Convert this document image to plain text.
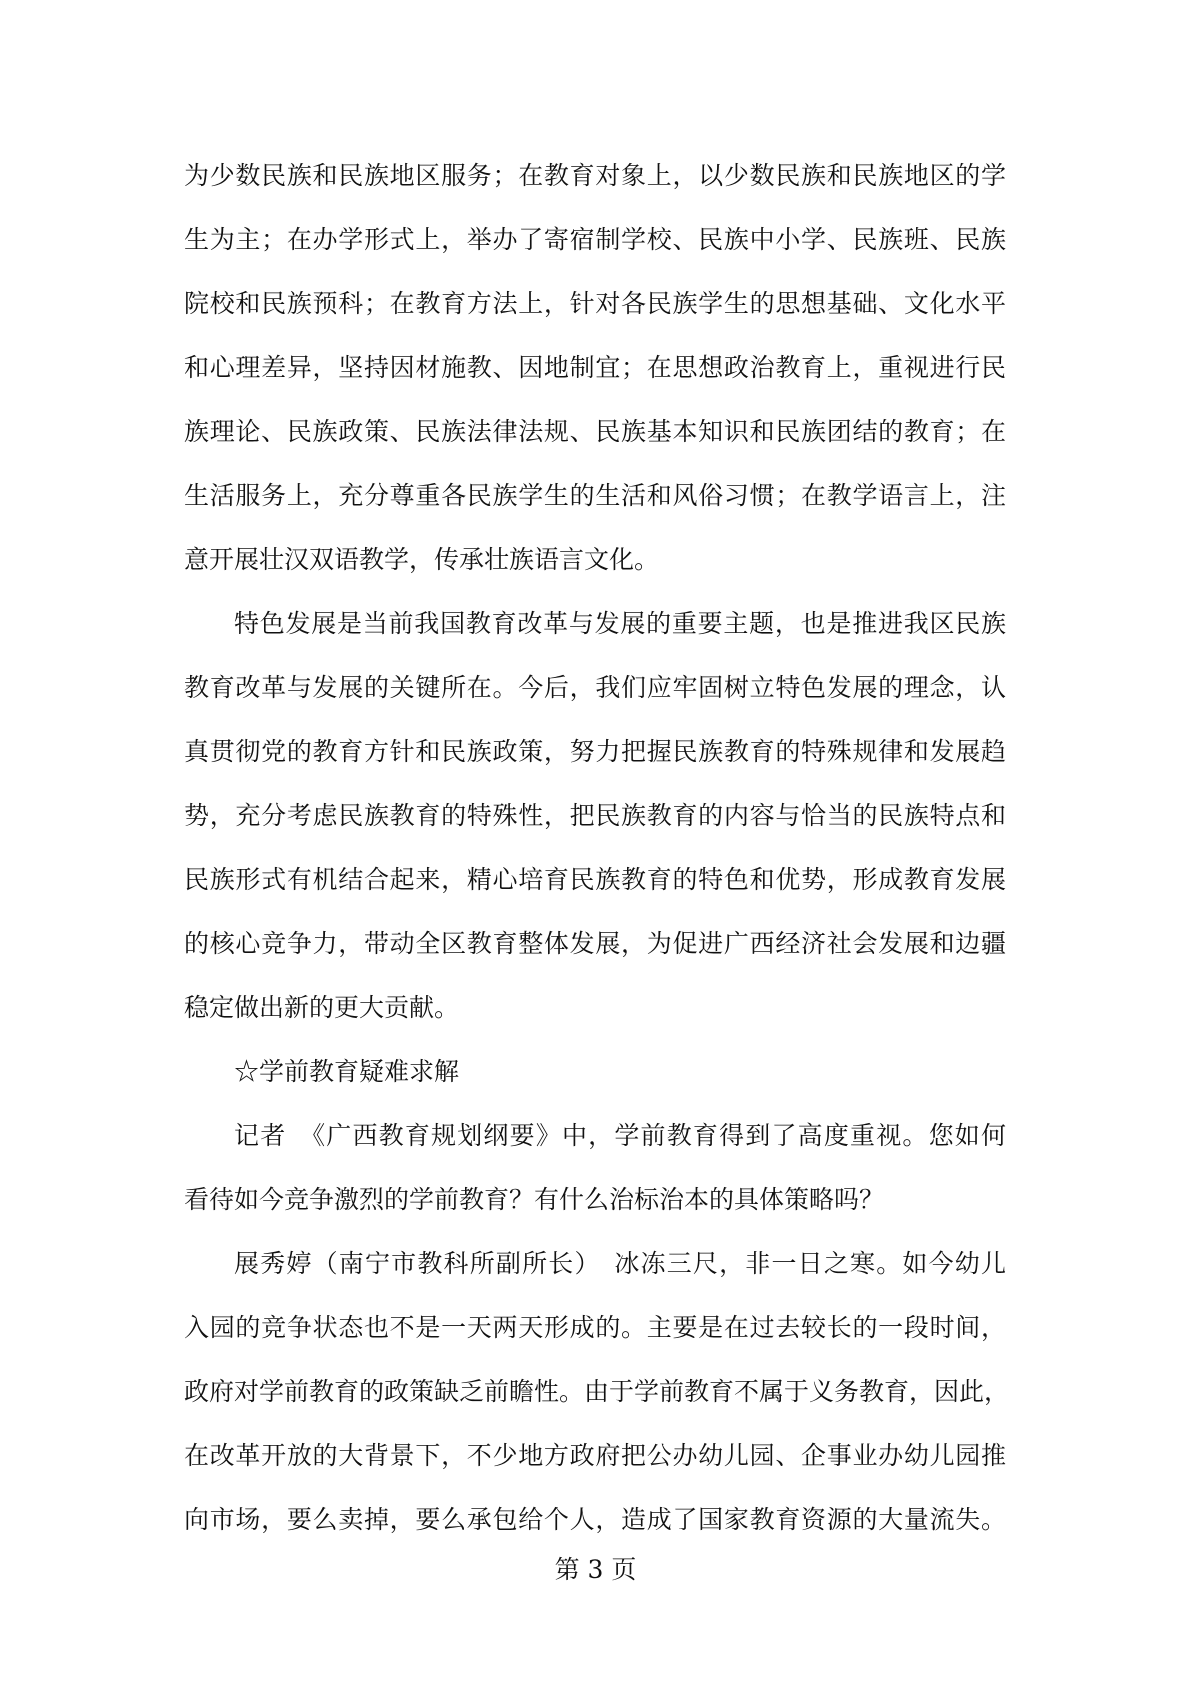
为少数民族和民族地区服务；在教育对象上，以少数民族和民族地区的学
生为主；在办学形式上，举办了寄宿制学校、民族中小学、民族班、民族
院校和民族预科；在教育方法上，针对各民族学生的思想基础、文化水平
和心理差异，坚持因材施教、因地制宜；在思想政治教育上，重视进行民
族理论、民族政策、民族法律法规、民族基本知识和民族团结的教育；在
生活服务上，充分尊重各民族学生的生活和风俗习惯；在教学语言上，注
意开展壮汉双语教学，传承壮族语言文化。
特色发展是当前我国教育改革与发展的重要主题，也是推进我区民族
教育改革与发展的关键所在。今后，我们应牢固树立特色发展的理念，认
真贯彻党的教育方针和民族政策，努力把握民族教育的特殊规律和发展趋
势，充分考虑民族教育的特殊性，把民族教育的内容与恰当的民族特点和
民族形式有机结合起来，精心培育民族教育的特色和优势，形成教育发展
的核心竞争力，带动全区教育整体发展，为促进广西经济社会发展和边疆
稳定做出新的更大贡献。
☆学前教育疑难求解
记者　《广西教育规划纲要》中，学前教育得到了高度重视。您如何
看待如今竞争激烈的学前教育？有什么治标治本的具体策略吗？
展秀婷（南宁市教科所副所长）　冰冻三尺，非一日之寒。如今幼儿
入园的竞争状态也不是一天两天形成的。主要是在过去较长的一段时间，
政府对学前教育的政策缺乏前瞻性。由于学前教育不属于义务教育，因此，
在改革开放的大背景下，不少地方政府把公办幼儿园、企事业办幼儿园推
向市场，要么卖掉，要么承包给个人，造成了国家教育资源的大量流失。
第 3 页
